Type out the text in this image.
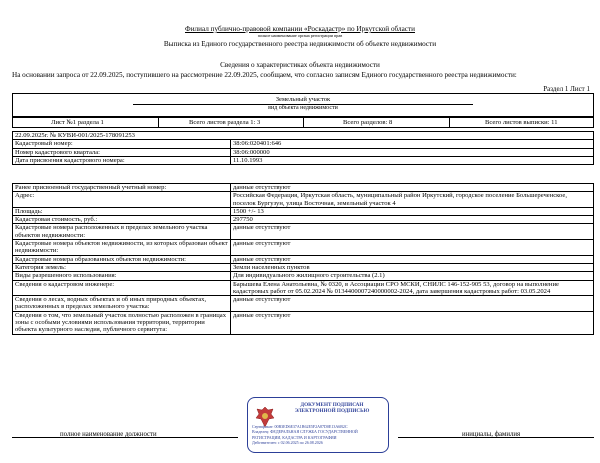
Филиал публично-правовой компании «Роскадастр» по Иркутской области
полное наименование органа регистрации прав
Выписка из Единого государственного реестра недвижимости об объекте недвижимости
Сведения о характеристиках объекта недвижимости
На основании запроса от 22.09.2025, поступившего на рассмотрение 22.09.2025, сообщаем, что согласно записям Единого государственного реестра недвижимости:
Раздел 1 Лист 1
Земельный участок
вид объекта недвижимости
Лист №1 раздела 1	Всего листов раздела 1: 3	Всего разделов: 8	Всего листов выписки: 11
22.09.2025г. № КУВИ-001/2025-178091253	
Кадастровый номер:	38:06:020401:646
Номер кадастрового квартала:	38:06:000000
Дата присвоения кадастрового номера:	11.10.1993
Ранее присвоенный государственный учетный номер:	данные отсутствуют
Адрес:	Российская Федерация, Иркутская область, муниципальный район Иркутский, городское поселение Большереченское, поселок Бургузун, улица Восточная, земельный участок 4
Площадь:	1500 +/- 13
Кадастровая стоимость, руб.:	297750
Кадастровые номера расположенных в пределах земельного участка объектов недвижимости:	данные отсутствуют
Кадастровые номера объектов недвижимости, из которых образован объект недвижимости:	данные отсутствуют
Кадастровые номера образованных объектов недвижимости:	данные отсутствуют
Категория земель:	Земли населенных пунктов
Виды разрешенного использования:	Для индивидуального жилищного строительства (2.1)
Сведения о кадастровом инженере:	Барышева Елена Анатольевна, № 0320, в Ассоциации СРО МСКИ, СНИЛС 146-152-905 53, договор на выполнение кадастровых работ от 05.02.2024 № 0134400007240000002-2024, дата завершения кадастровых работ: 03.05.2024
Сведения о лесах, водных объектах и об иных природных объектах, расположенных в пределах земельного участка:	данные отсутствуют
Сведения о том, что земельный участок полностью расположен в границах зоны с особыми условиями использования территории, территории объекта культурного наследия, публичного сервитута:	данные отсутствуют
ДОКУМЕНТ ПОДПИСАН ЭЛЕКТРОННОЙ ПОДПИСЬЮ
Сертификат: 00B3ED6E37A1B62E5F2A87D0E13A6B2C
Владелец: ФЕДЕРАЛЬНАЯ СЛУЖБА ГОСУДАРСТВЕННОЙ
РЕГИСТРАЦИИ, КАДАСТРА И КАРТОГРАФИИ
Действителен: с 02.06.2025 по 26.08.2026
полное наименование должности	инициалы, фамилия
